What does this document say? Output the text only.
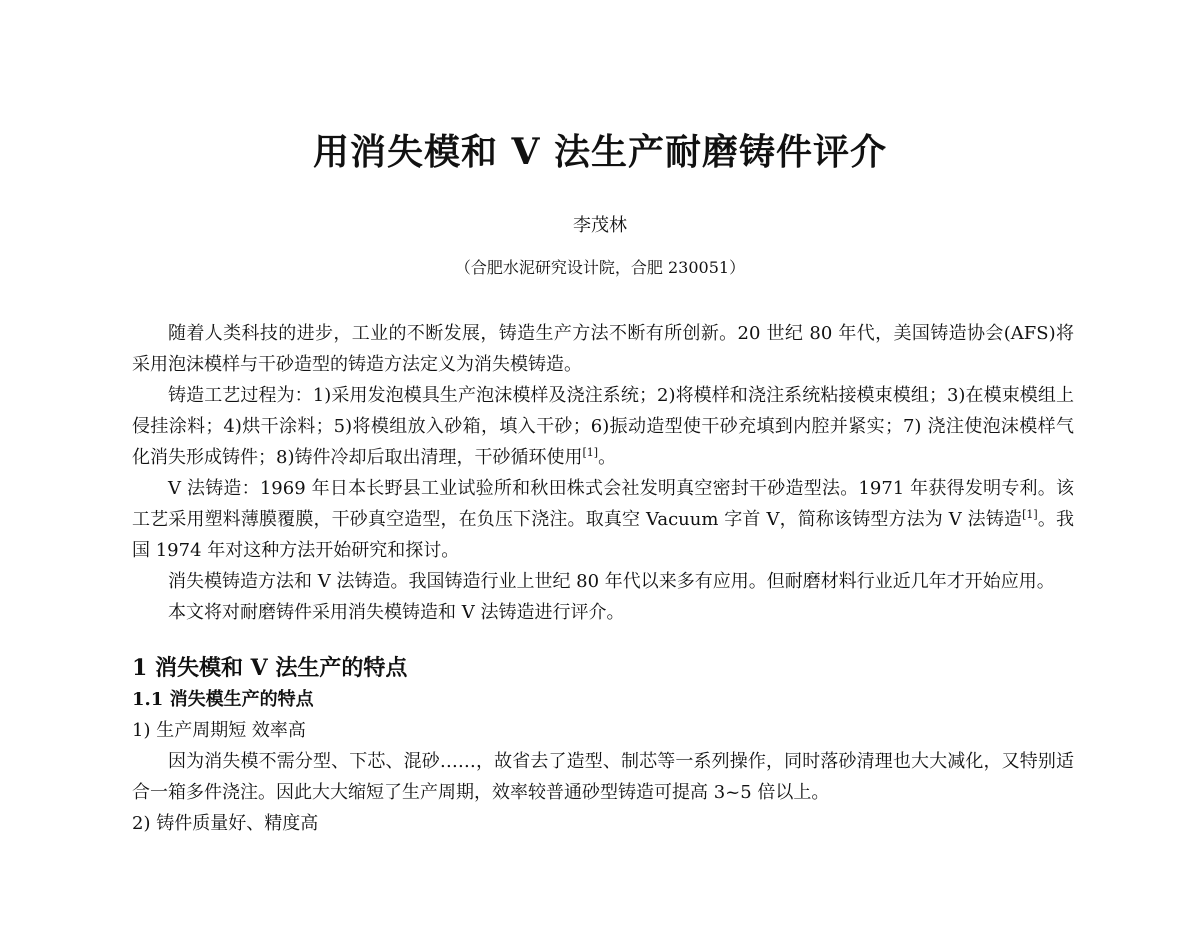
用消失模和 V 法生产耐磨铸件评介
李茂林
（合肥水泥研究设计院，合肥 230051）

随着人类科技的进步，工业的不断发展，铸造生产方法不断有所创新。20 世纪 80 年代，美国铸造协会(AFS)将采用泡沫模样与干砂造型的铸造方法定义为消失模铸造。

铸造工艺过程为：1)采用发泡模具生产泡沫模样及浇注系统；2)将模样和浇注系统粘接模束模组；3)在模束模组上侵挂涂料；4)烘干涂料；5)将模组放入砂箱，填入干砂；6)振动造型使干砂充填到内腔并紧实；7) 浇注使泡沫模样气化消失形成铸件；8)铸件冷却后取出清理，干砂循环使用[1]。

V 法铸造：1969 年日本长野县工业试验所和秋田株式会社发明真空密封干砂造型法。1971 年获得发明专利。该工艺采用塑料薄膜覆膜，干砂真空造型，在负压下浇注。取真空 Vacuum 字首 V，简称该铸型方法为 V 法铸造[1]。我国 1974 年对这种方法开始研究和探讨。

消失模铸造方法和 V 法铸造。我国铸造行业上世纪 80 年代以来多有应用。但耐磨材料行业近几年才开始应用。

本文将对耐磨铸件采用消失模铸造和 V 法铸造进行评介。

1 消失模和 V 法生产的特点
1.1 消失模生产的特点
1) 生产周期短 效率高

因为消失模不需分型、下芯、混砂……，故省去了造型、制芯等一系列操作，同时落砂清理也大大减化，又特别适合一箱多件浇注。因此大大缩短了生产周期，效率较普通砂型铸造可提高 3~5 倍以上。

2) 铸件质量好、精度高
